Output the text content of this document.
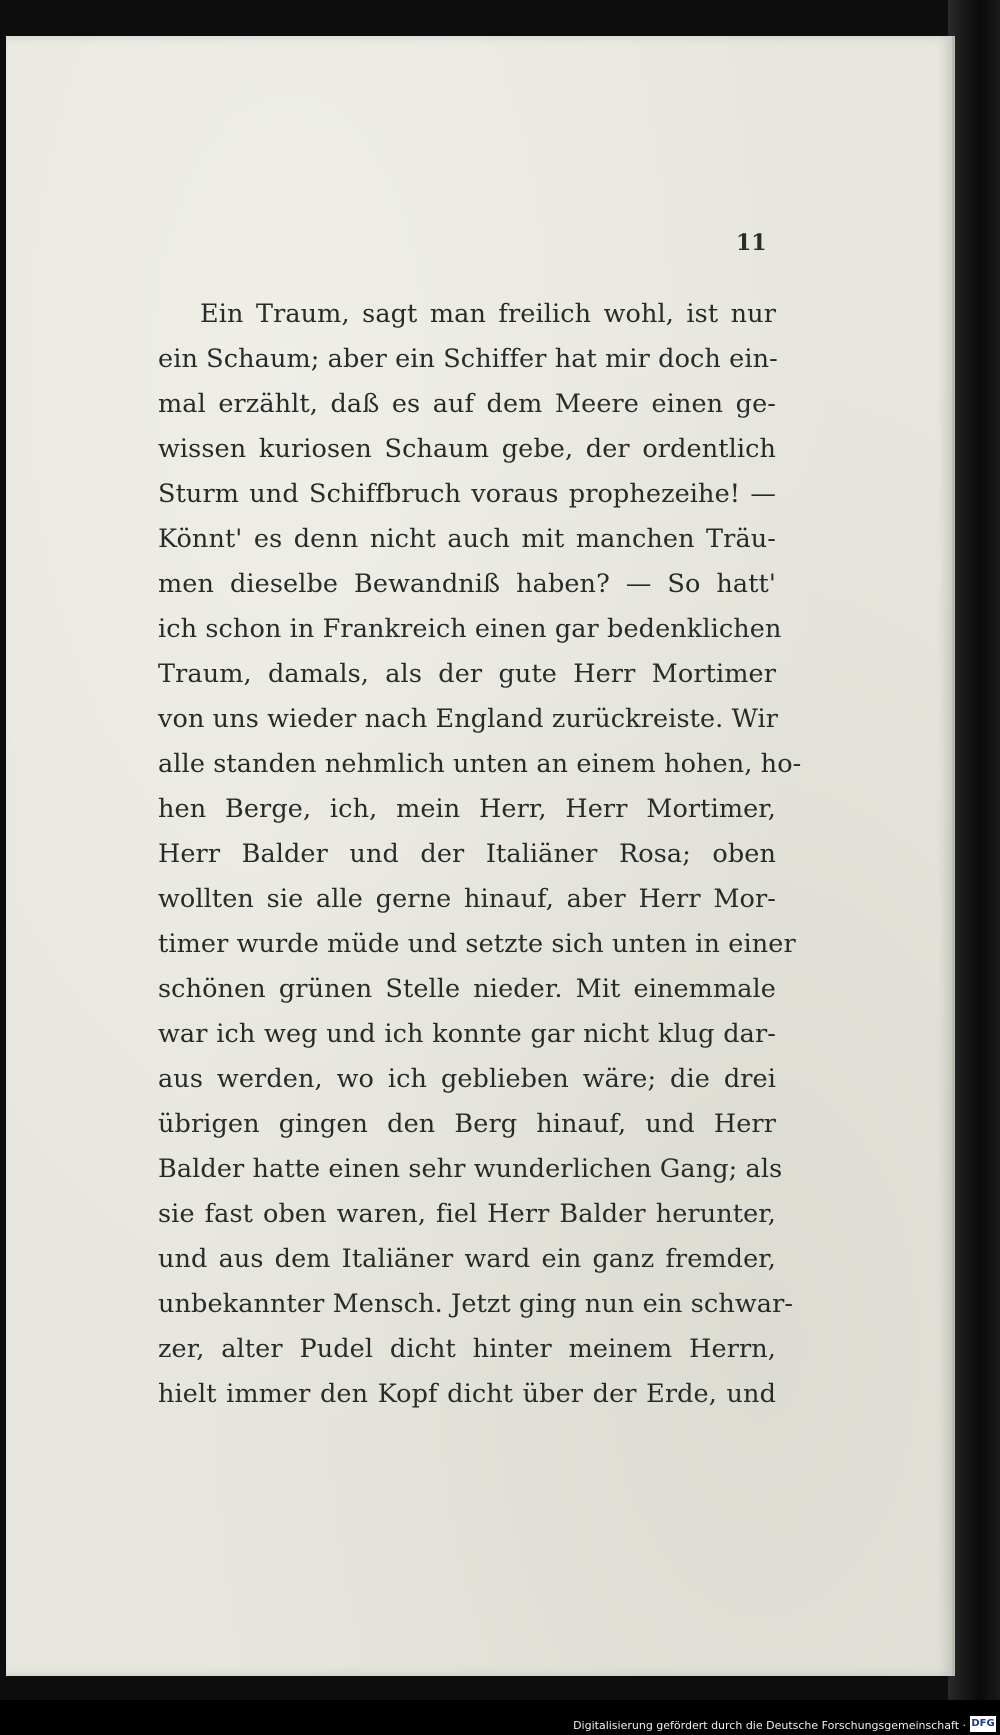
11
Ein Traum, sagt man freilich wohl, ist nur
ein Schaum; aber ein Schiffer hat mir doch ein-
mal erzählt, daß es auf dem Meere einen ge-
wissen kuriosen Schaum gebe, der ordentlich
Sturm und Schiffbruch voraus prophezeihe! —
Könnt' es denn nicht auch mit manchen Träu-
men dieselbe Bewandniß haben? — So hatt'
ich schon in Frankreich einen gar bedenklichen
Traum, damals, als der gute Herr Mortimer
von uns wieder nach England zurückreiste. Wir
alle standen nehmlich unten an einem hohen, ho-
hen Berge, ich, mein Herr, Herr Mortimer,
Herr Balder und der Italiäner Rosa; oben
wollten sie alle gerne hinauf, aber Herr Mor-
timer wurde müde und setzte sich unten in einer
schönen grünen Stelle nieder. Mit einemmale
war ich weg und ich konnte gar nicht klug dar-
aus werden, wo ich geblieben wäre; die drei
übrigen gingen den Berg hinauf, und Herr
Balder hatte einen sehr wunderlichen Gang; als
sie fast oben waren, fiel Herr Balder herunter,
und aus dem Italiäner ward ein ganz fremder,
unbekannter Mensch. Jetzt ging nun ein schwar-
zer, alter Pudel dicht hinter meinem Herrn,
hielt immer den Kopf dicht über der Erde, und
Digitalisierung gefördert durch die Deutsche Forschungsgemeinschaft · DFG
